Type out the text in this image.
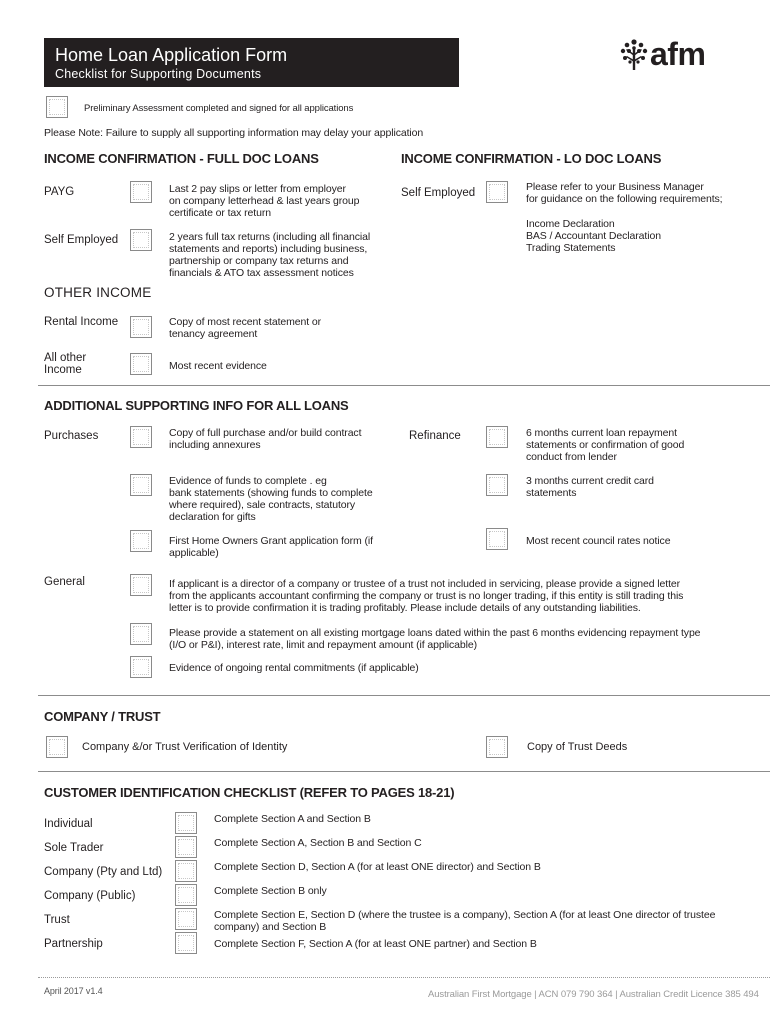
Home Loan Application Form
Checklist for Supporting Documents
afm
Preliminary Assessment completed and signed for all applications
Please Note: Failure to supply all supporting information may delay your application
INCOME CONFIRMATION - FULL DOC LOANS
PAYG	Last 2 pay slips or letter from employer
on company letterhead & last years group
certificate or tax return
Self Employed	2 years full tax returns (including all financial
statements and reports) including business,
partnership or company tax returns and
financials & ATO tax assessment notices
INCOME CONFIRMATION - LO DOC LOANS
Self Employed	Please refer to your Business Manager
for guidance on the following requirements;
Income Declaration
BAS / Accountant Declaration
Trading Statements
OTHER INCOME
Rental Income	Copy of most recent statement or
tenancy agreement
All other
Income	Most recent evidence
ADDITIONAL SUPPORTING INFO FOR ALL LOANS
Purchases	Copy of full purchase and/or build contract
including annexures
Evidence of funds to complete . eg
bank statements (showing funds to complete
where required), sale contracts, statutory
declaration for gifts
First Home Owners Grant application form (if
applicable)
Refinance	6 months current loan repayment
statements or confirmation of good
conduct from lender
3 months current credit card
statements
Most recent council rates notice
General	If applicant is a director of a company or trustee of a trust not included in servicing, please provide a signed letter
from the applicants accountant confirming the company or trust is no longer trading, if this entity is still trading this
letter is to provide confirmation it is trading profitably. Please include details of any outstanding liabilities.
Please provide a statement on all existing mortgage loans dated within the past 6 months evidencing repayment type
(I/O or P&I), interest rate, limit and repayment amount (if applicable)
Evidence of ongoing rental commitments (if applicable)
COMPANY / TRUST
Company &/or Trust Verification of Identity	Copy of Trust Deeds
CUSTOMER IDENTIFICATION CHECKLIST (REFER TO PAGES 18-21)
Individual	Complete Section A and Section B
Sole Trader	Complete Section A, Section B and Section C
Company (Pty and Ltd)	Complete Section D, Section A (for at least ONE director) and Section B
Company (Public)	Complete Section B only
Trust	Complete Section E, Section D (where the trustee is a company), Section A (for at least One director of trustee
company) and Section B
Partnership	Complete Section F, Section A (for at least ONE partner) and Section B
April 2017 v1.4	Australian First Mortgage | ACN 079 790 364 | Australian Credit Licence 385 494
